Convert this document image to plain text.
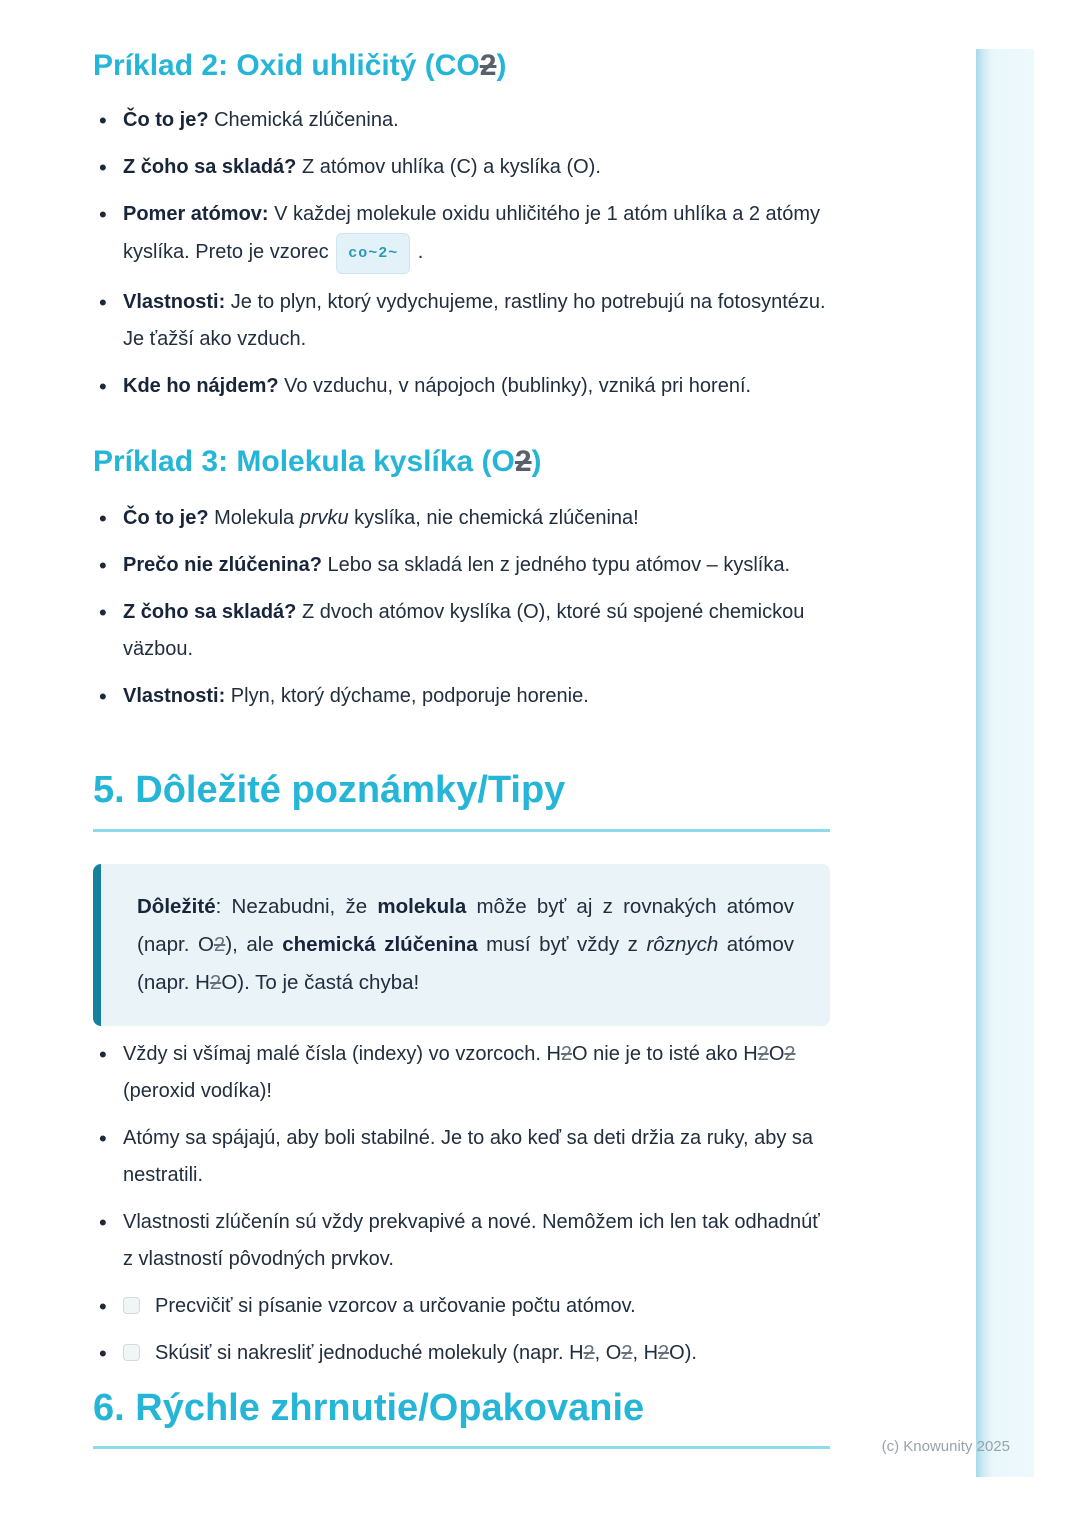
Príklad 2: Oxid uhličitý (CO2)
• Čo to je? Chemická zlúčenina.
• Z čoho sa skladá? Z atómov uhlíka (C) a kyslíka (O).
• Pomer atómov: V každej molekule oxidu uhličitého je 1 atóm uhlíka a 2 atómy kyslíka. Preto je vzorec co~2~ .
• Vlastnosti: Je to plyn, ktorý vydychujeme, rastliny ho potrebujú na fotosyntézu. Je ťažší ako vzduch.
• Kde ho nájdem? Vo vzduchu, v nápojoch (bublinky), vzniká pri horení.
Príklad 3: Molekula kyslíka (O2)
• Čo to je? Molekula prvku kyslíka, nie chemická zlúčenina!
• Prečo nie zlúčenina? Lebo sa skladá len z jedného typu atómov – kyslíka.
• Z čoho sa skladá? Z dvoch atómov kyslíka (O), ktoré sú spojené chemickou väzbou.
• Vlastnosti: Plyn, ktorý dýchame, podporuje horenie.
5. Dôležité poznámky/Tipy
Dôležité: Nezabudni, že molekula môže byť aj z rovnakých atómov (napr. O2), ale chemická zlúčenina musí byť vždy z rôznych atómov (napr. H2O). To je častá chyba!
• Vždy si všímaj malé čísla (indexy) vo vzorcoch. H2O nie je to isté ako H2O2 (peroxid vodíka)!
• Atómy sa spájajú, aby boli stabilné. Je to ako keď sa deti držia za ruky, aby sa nestratili.
• Vlastnosti zlúčenín sú vždy prekvapivé a nové. Nemôžem ich len tak odhadnúť z vlastností pôvodných prvkov.
• Precvičiť si písanie vzorcov a určovanie počtu atómov.
• Skúsiť si nakresliť jednoduché molekuly (napr. H2, O2, H2O).
6. Rýchle zhrnutie/Opakovanie
(c) Knowunity 2025
